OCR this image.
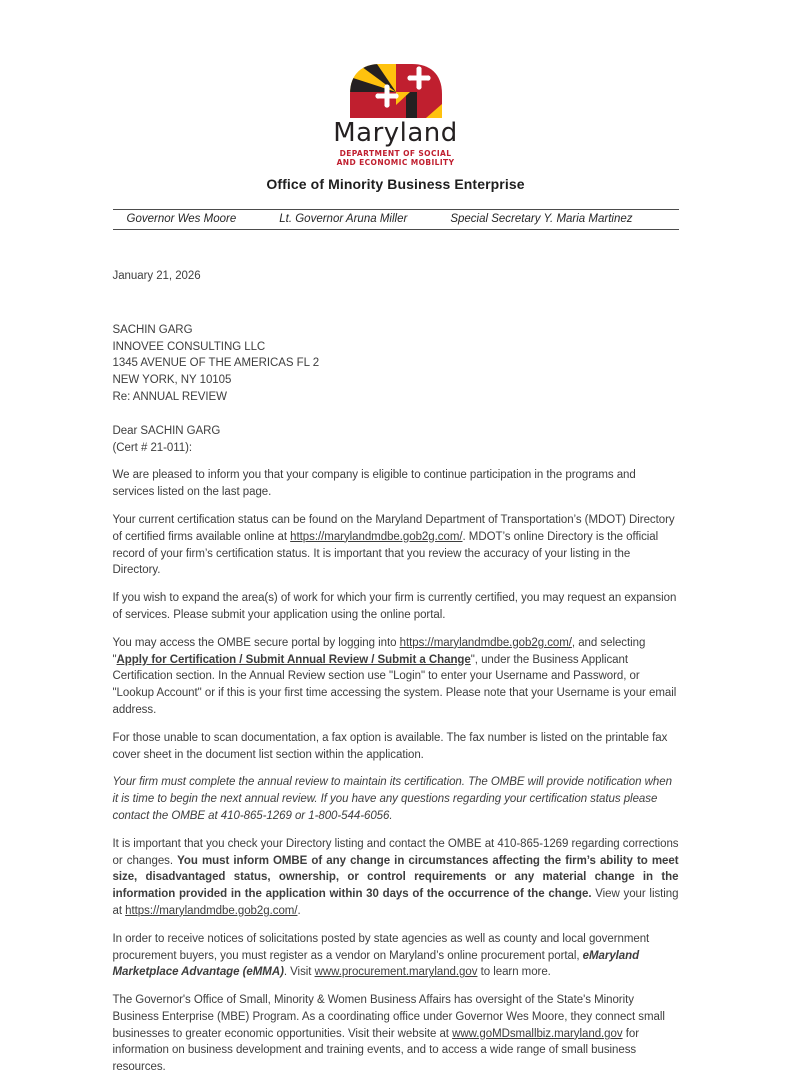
Maryland
DEPARTMENT OF SOCIAL
AND ECONOMIC MOBILITY
Office of Minority Business Enterprise
Governor Wes Moore	Lt. Governor Aruna Miller	Special Secretary Y. Maria Martinez

January 21, 2026

SACHIN GARG
INNOVEE CONSULTING LLC
1345 AVENUE OF THE AMERICAS FL 2
NEW YORK, NY 10105

Re: ANNUAL REVIEW

Dear SACHIN GARG
(Cert # 21-011):

We are pleased to inform you that your company is eligible to continue participation in the programs and services listed on the last page.

Your current certification status can be found on the Maryland Department of Transportation’s (MDOT) Directory of certified firms available online at https://marylandmdbe.gob2g.com/. MDOT’s online Directory is the official record of your firm’s certification status. It is important that you review the accuracy of your listing in the Directory.

If you wish to expand the area(s) of work for which your firm is currently certified, you may request an expansion of services. Please submit your application using the online portal.

You may access the OMBE secure portal by logging into https://marylandmdbe.gob2g.com/, and selecting "Apply for Certification / Submit Annual Review / Submit a Change", under the Business Applicant Certification section. In the Annual Review section use "Login" to enter your Username and Password, or "Lookup Account" or if this is your first time accessing the system. Please note that your Username is your email address.

For those unable to scan documentation, a fax option is available. The fax number is listed on the printable fax cover sheet in the document list section within the application.

Your firm must complete the annual review to maintain its certification. The OMBE will provide notification when it is time to begin the next annual review. If you have any questions regarding your certification status please contact the OMBE at 410-865-1269 or 1-800-544-6056.

It is important that you check your Directory listing and contact the OMBE at 410-865-1269 regarding corrections or changes. You must inform OMBE of any change in circumstances affecting the firm’s ability to meet size, disadvantaged status, ownership, or control requirements or any material change in the information provided in the application within 30 days of the occurrence of the change. View your listing at https://marylandmdbe.gob2g.com/.

In order to receive notices of solicitations posted by state agencies as well as county and local government procurement buyers, you must register as a vendor on Maryland’s online procurement portal, eMaryland Marketplace Advantage (eMMA). Visit www.procurement.maryland.gov to learn more.

The Governor's Office of Small, Minority & Women Business Affairs has oversight of the State's Minority Business Enterprise (MBE) Program. As a coordinating office under Governor Wes Moore, they connect small businesses to greater economic opportunities. Visit their website at www.goMDsmallbiz.maryland.gov for information on business development and training events, and to access a wide range of small business resources.
